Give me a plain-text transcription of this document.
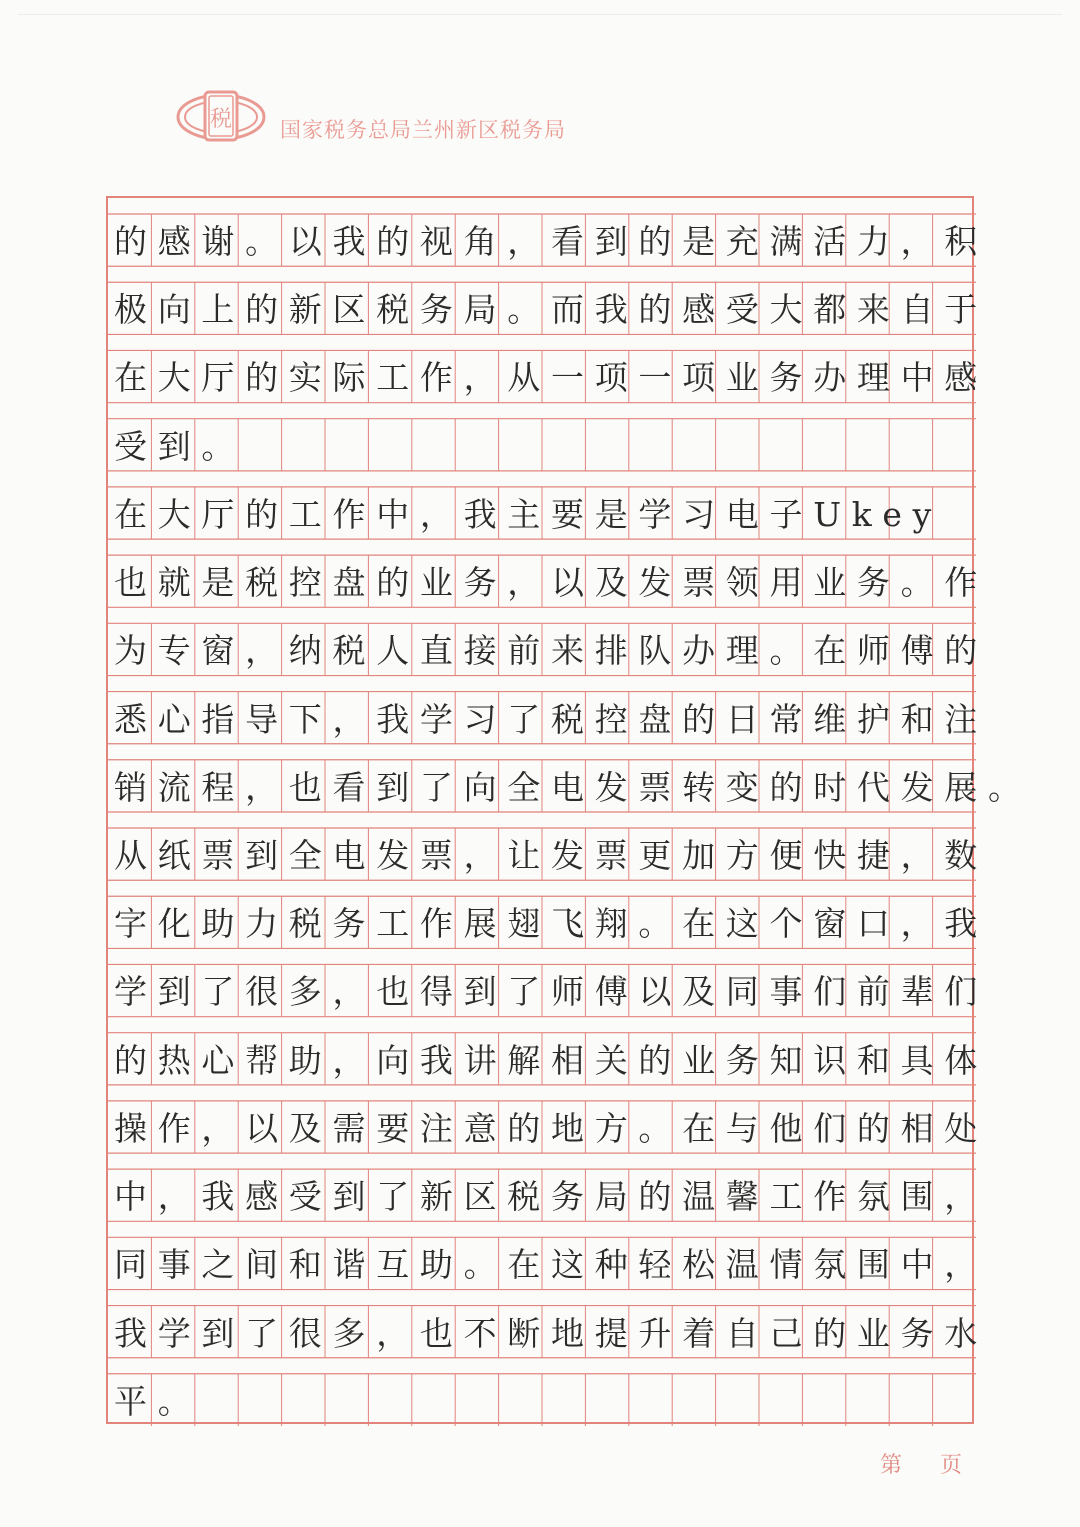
税 国家税务总局兰州新区税务局
的感谢。以我的视角，看到的是充满活力，积
极向上的新区税务局。而我的感受大都来自于
在大厅的实际工作，从一项一项业务办理中感
受到。
在大厅的工作中，我主要是学习电子Ukey
也就是税控盘的业务，以及发票领用业务。作
为专窗，纳税人直接前来排队办理。在师傅的
悉心指导下，我学习了税控盘的日常维护和注
销流程，也看到了向全电发票转变的时代发展。
从纸票到全电发票，让发票更加方便快捷，数
字化助力税务工作展翅飞翔。在这个窗口，我
学到了很多，也得到了师傅以及同事们前辈们
的热心帮助，向我讲解相关的业务知识和具体
操作，以及需要注意的地方。在与他们的相处
中，我感受到了新区税务局的温馨工作氛围，
同事之间和谐互助。在这种轻松温情氛围中，
我学到了很多，也不断地提升着自己的业务水
平。
第 页
